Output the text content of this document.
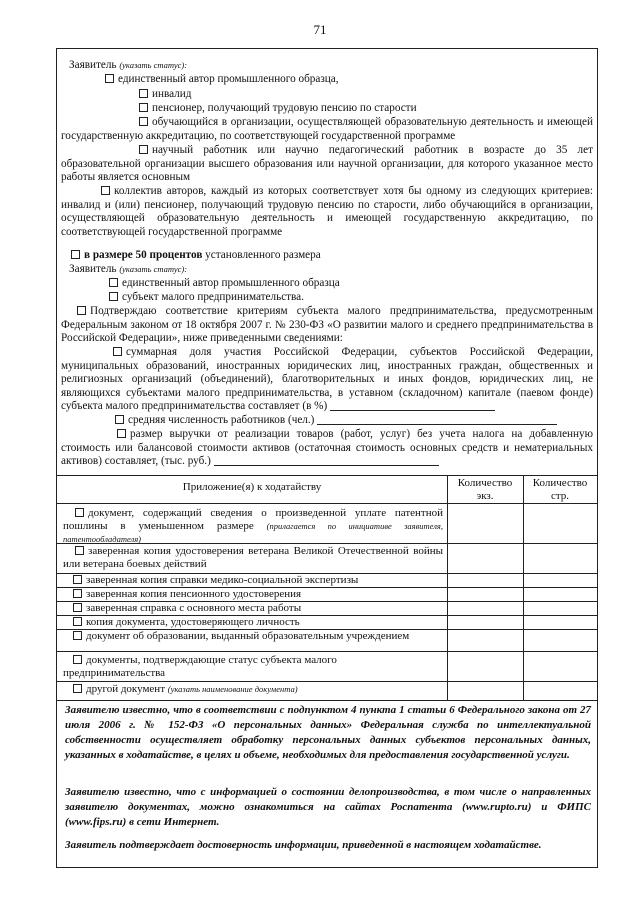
71
Заявитель (указать статус):
единственный автор промышленного образца,
инвалид
пенсионер, получающий трудовую пенсию по старости
обучающийся в организации, осуществляющей образовательную деятельность и имеющей государственную аккредитацию, по соответствующей государственной программе
научный работник или научно педагогический работник в возрасте до 35 лет образовательной организации высшего образования или научной организации, для которого указанное место работы является основным
коллектив авторов, каждый из которых соответствует хотя бы одному из следующих критериев: инвалид и (или) пенсионер, получающий трудовую пенсию по старости, либо обучающийся в организации, осуществляющей образовательную деятельность и имеющей государственную аккредитацию, по соответствующей государственной программе
в размере 50 процентов установленного размера
Заявитель (указать статус):
единственный автор промышленного образца
субъект малого предпринимательства.
Подтверждаю соответствие критериям субъекта малого предпринимательства, предусмотренным Федеральным законом от 18 октября 2007 г. № 230-ФЗ «О развитии малого и среднего предпринимательства в Российской Федерации», ниже приведенными сведениями:
суммарная доля участия Российской Федерации, субъектов Российской Федерации, муниципальных образований, иностранных юридических лиц, иностранных граждан, общественных и религиозных организаций (объединений), благотворительных и иных фондов, юридических лиц, не являющихся субъектами малого предпринимательства, в уставном (складочном) капитале (паевом фонде) субъекта малого предпринимательства составляет (в %)
средняя численность работников (чел.)
размер выручки от реализации товаров (работ, услуг) без учета налога на добавленную стоимость или балансовой стоимости активов (остаточная стоимость основных средств и нематериальных активов) составляет, (тыс. руб.)
Приложение(я) к ходатайству	Количество экз.
Количество стр.
документ, содержащий сведения о произведенной уплате патентной пошлины в уменьшенном размере (прилагается по инициативе заявителя, патентообладателя)
заверенная копия удостоверения ветерана Великой Отечественной войны или ветерана боевых действий
заверенная копия справки медико-социальной экспертизы
заверенная копия пенсионного удостоверения
заверенная справка с основного места работы
копия документа, удостоверяющего личность
документ об образовании, выданный образовательным учреждением
документы, подтверждающие статус субъекта малого предпринимательства
другой документ (указать наименование документа)
Заявителю известно, что в соответствии с подпунктом 4 пункта 1 статьи 6 Федерального закона от 27 июля 2006 г. № 152-ФЗ «О персональных данных» Федеральная служба по интеллектуальной собственности осуществляет обработку персональных данных субъектов персональных данных, указанных в ходатайстве, в целях и объеме, необходимых для предоставления государственной услуги.
Заявителю известно, что с информацией о состоянии делопроизводства, в том числе о направленных заявителю документах, можно ознакомиться на сайтах Роспатента (www.rupto.ru) и ФИПС (www.fips.ru) в сети Интернет.
Заявитель подтверждает достоверность информации, приведенной в настоящем ходатайстве.
